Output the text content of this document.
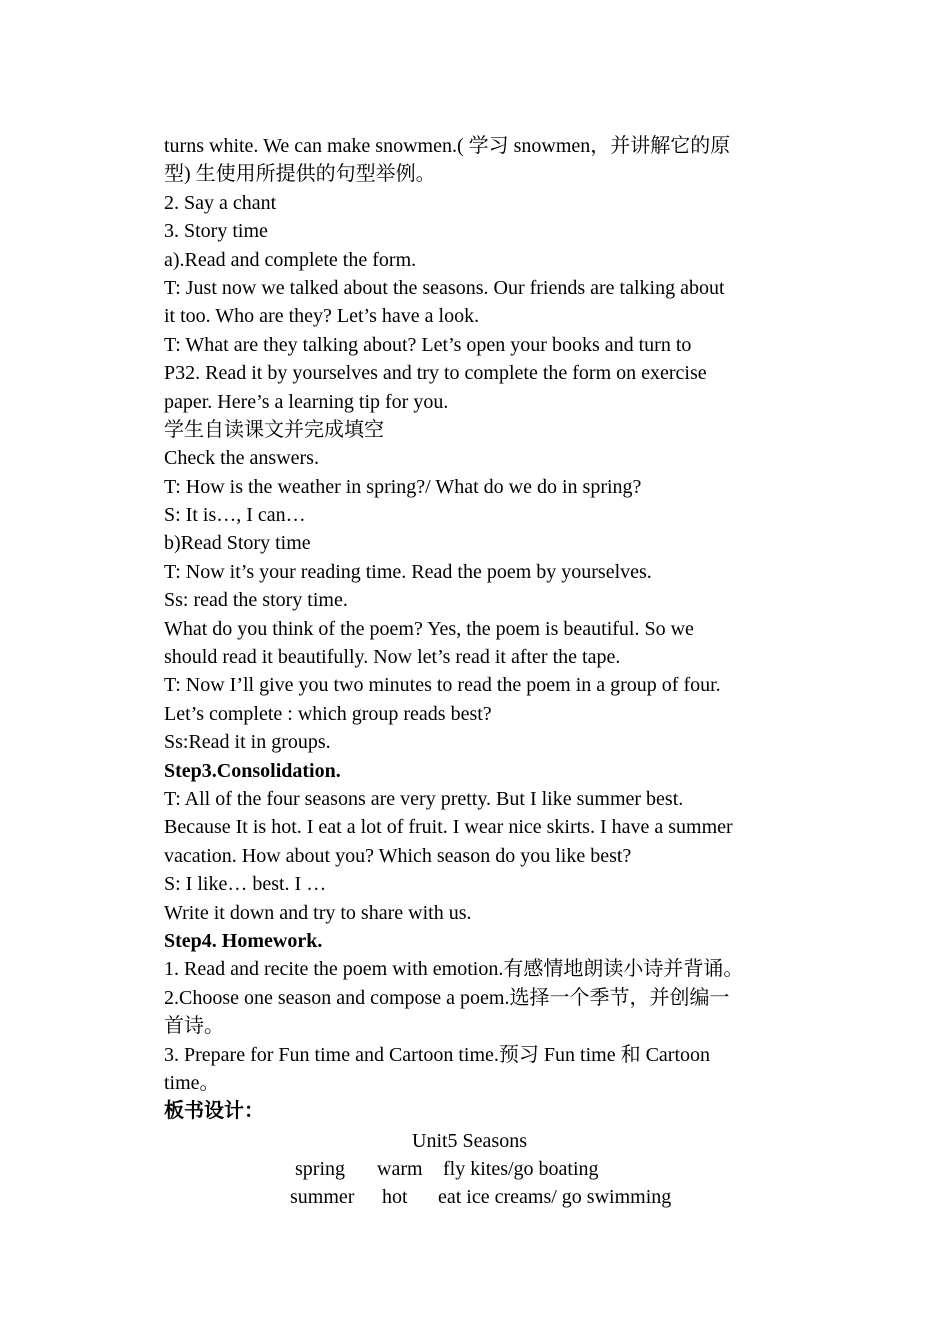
turns white. We can make snowmen.( 学习 snowmen，并讲解它的原
型) 生使用所提供的句型举例。
2. Say a chant
3. Story time
a).Read and complete the form.
T: Just now we talked about the seasons. Our friends are talking about
it too. Who are they? Let’s have a look.
T: What are they talking about? Let’s open your books and turn to
P32. Read it by yourselves and try to complete the form on exercise
paper. Here’s a learning tip for you.
学生自读课文并完成填空
Check the answers.
T: How is the weather in spring?/ What do we do in spring?
S: It is…, I can…
b)Read Story time
T: Now it’s your reading time. Read the poem by yourselves.
Ss: read the story time.
What do you think of the poem? Yes, the poem is beautiful. So we
should read it beautifully. Now let’s read it after the tape.
T: Now I’ll give you two minutes to read the poem in a group of four.
Let’s complete : which group reads best?
Ss:Read it in groups.
Step3.Consolidation.
T: All of the four seasons are very pretty. But I like summer best.
Because It is hot. I eat a lot of fruit. I wear nice skirts. I have a summer
vacation. How about you? Which season do you like best?
S: I like… best. I …
Write it down and try to share with us.
Step4. Homework.
1. Read and recite the poem with emotion.有感情地朗读小诗并背诵。
2.Choose one season and compose a poem.选择一个季节，并创编一
首诗。
3. Prepare for Fun time and Cartoon time.预习 Fun time 和 Cartoon
time。
板书设计：
Unit5 Seasons
spring warm fly kites/go boating
summer hot eat ice creams/ go swimming
